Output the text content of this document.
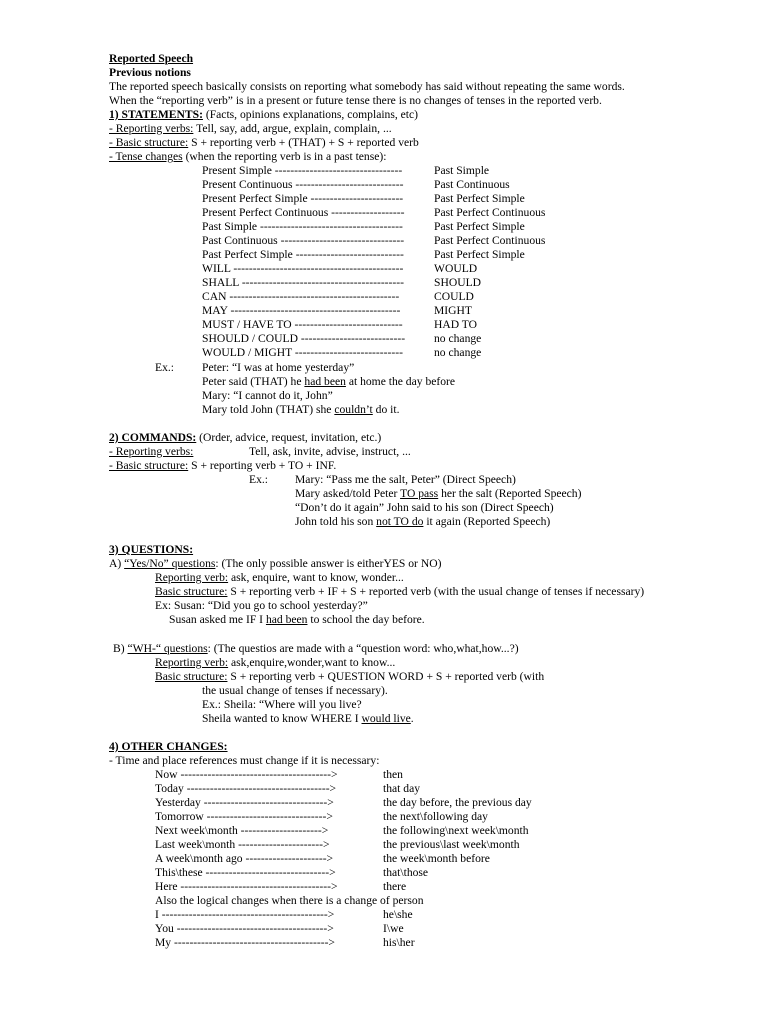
Reported Speech
Previous notions
The reported speech basically consists on reporting what somebody has said without repeating the same words.
When the “reporting verb” is in a present or future tense there is no changes of tenses in the reported verb.
1) STATEMENTS: (Facts, opinions explanations, complains, etc)
- Reporting verbs: Tell, say, add, argue, explain, complain, ...
- Basic structure: S + reporting verb + (THAT) + S + reported verb
- Tense changes (when the reporting verb is in a past tense):
Present Simple ---------------------------------	Past Simple
Present Continuous ----------------------------	Past Continuous
Present Perfect Simple ------------------------	Past Perfect Simple
Present Perfect Continuous -------------------	Past Perfect Continuous
Past Simple -------------------------------------	Past Perfect Simple
Past Continuous --------------------------------	Past Perfect Continuous
Past Perfect Simple ----------------------------	Past Perfect Simple
WILL --------------------------------------------	WOULD
SHALL ------------------------------------------	SHOULD
CAN --------------------------------------------	COULD
MAY --------------------------------------------	MIGHT
MUST / HAVE TO ----------------------------	HAD TO
SHOULD / COULD --------------------------- no change
WOULD / MIGHT ----------------------------	no change
Ex.: Peter: “I was at home yesterday”
Peter said (THAT) he had been at home the day before
Mary: “I cannot do it, John”
Mary told John (THAT) she couldn’t do it.
2) COMMANDS: (Order, advice, request, invitation, etc.)
- Reporting verbs:	Tell, ask, invite, advise, instruct, ...
- Basic structure: S + reporting verb + TO + INF.
Ex.: Mary: “Pass me the salt, Peter” (Direct Speech)
Mary asked/told Peter TO pass her the salt (Reported Speech)
“Don’t do it again” John said to his son (Direct Speech)
John told his son not TO do it again (Reported Speech)
3) QUESTIONS:
A) “Yes/No” questions: (The only possible answer is eitherYES or NO)
Reporting verb: ask, enquire, want to know, wonder...
Basic structure: S + reporting verb + IF + S + reported verb (with the usual change of tenses if necessary)
Ex: Susan: “Did you go to school yesterday?”
Susan asked me IF I had been to school the day before.
B) “WH-“ questions: (The questios are made with a “question word: who,what,how...?)
Reporting verb: ask,enquire,wonder,want to know...
Basic structure: S + reporting verb + QUESTION WORD + S + reported verb (with
the usual change of tenses if necessary).
Ex.: Sheila: “Where will you live?
Sheila wanted to know WHERE I would live.
4) OTHER CHANGES:
- Time and place references must change if it is necessary:
Now --------------------------------------->	then
Today ------------------------------------->	that day
Yesterday -------------------------------->	the day before, the previous day
Tomorrow ------------------------------->	the next\following day
Next week\month --------------------->	the following\next week\month
Last week\month ---------------------->	the previous\last week\month
A week\month ago --------------------->	the week\month before
This\these -------------------------------->	that\those
Here --------------------------------------->	there
Also the logical changes when there is a change of person
I ------------------------------------------->	he\she
You --------------------------------------->	I\we
My ---------------------------------------->	his\her
